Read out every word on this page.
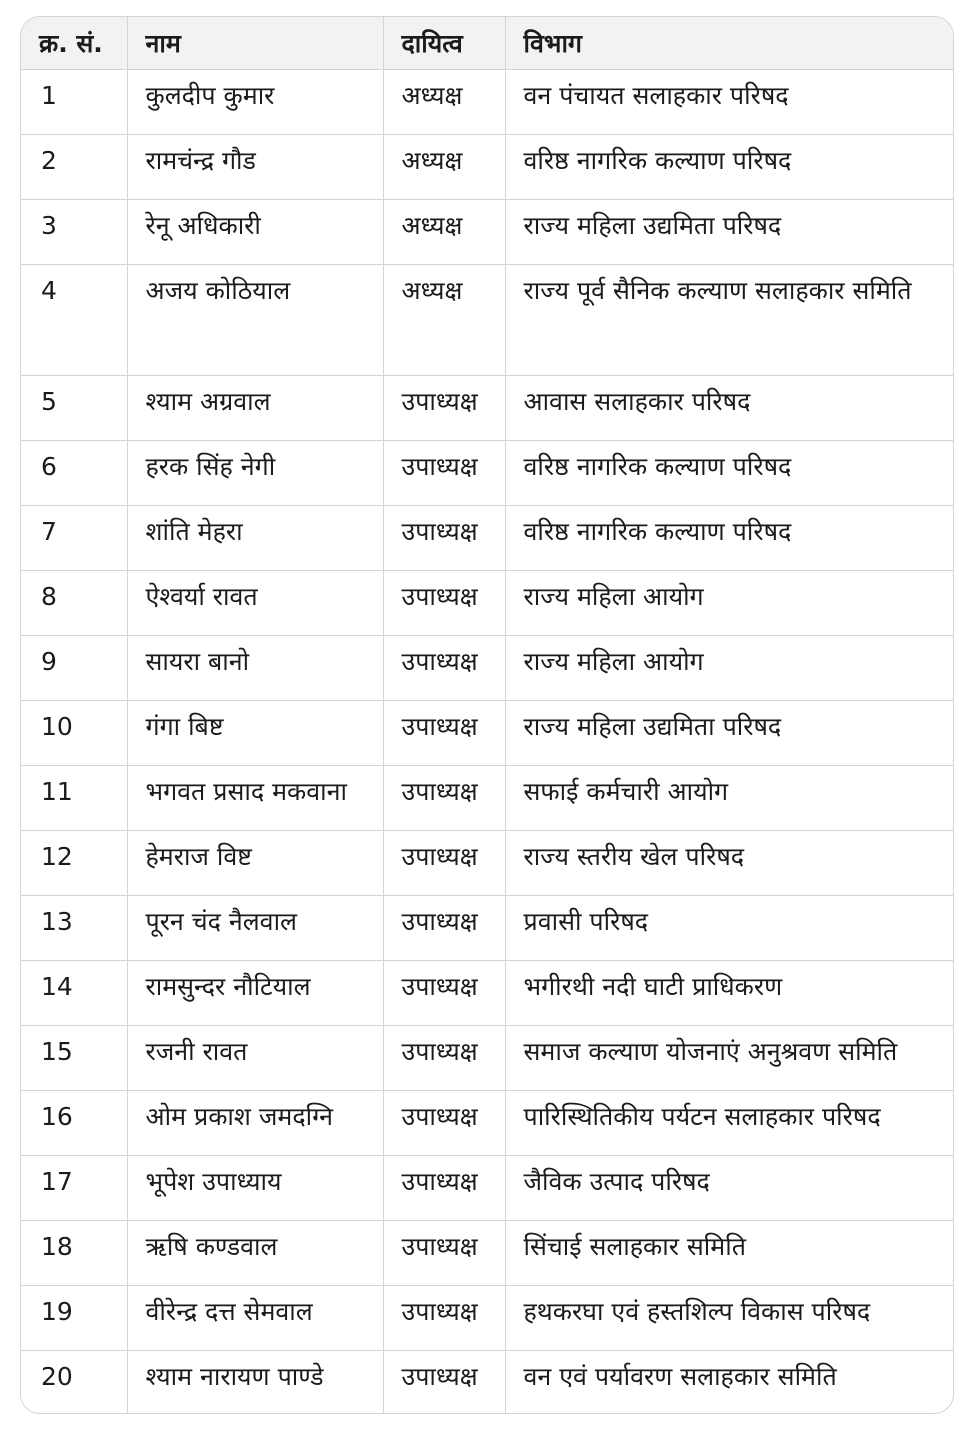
क्र. सं.	नाम	दायित्व	विभाग

1	कुलदीप कुमार	अध्यक्ष	वन पंचायत सलाहकार परिषद

2	रामचंन्द्र गौड	अध्यक्ष	वरिष्ठ नागरिक कल्याण परिषद

3	रेनू अधिकारी	अध्यक्ष	राज्य महिला उद्यमिता परिषद

4	अजय कोठियाल	अध्यक्ष	राज्य पूर्व सैनिक कल्याण सलाहकार समिति

5	श्याम अग्रवाल	उपाध्यक्ष	आवास सलाहकार परिषद

6	हरक सिंह नेगी	उपाध्यक्ष	वरिष्ठ नागरिक कल्याण परिषद

7	शांति मेहरा	उपाध्यक्ष	वरिष्ठ नागरिक कल्याण परिषद

8	ऐश्वर्या रावत	उपाध्यक्ष	राज्य महिला आयोग

9	सायरा बानो	उपाध्यक्ष	राज्य महिला आयोग

10	गंगा बिष्ट	उपाध्यक्ष	राज्य महिला उद्यमिता परिषद

11	भगवत प्रसाद मकवाना	उपाध्यक्ष	सफाई कर्मचारी आयोग

12	हेमराज विष्ट	उपाध्यक्ष	राज्य स्तरीय खेल परिषद

13	पूरन चंद नैलवाल	उपाध्यक्ष	प्रवासी परिषद

14	रामसुन्दर नौटियाल	उपाध्यक्ष	भगीरथी नदी घाटी प्राधिकरण

15	रजनी रावत	उपाध्यक्ष	समाज कल्याण योजनाएं अनुश्रवण समिति

16	ओम प्रकाश जमदग्नि	उपाध्यक्ष	पारिस्थितिकीय पर्यटन सलाहकार परिषद

17	भूपेश उपाध्याय	उपाध्यक्ष	जैविक उत्पाद परिषद

18	ऋषि कण्डवाल	उपाध्यक्ष	सिंचाई सलाहकार समिति

19	वीरेन्द्र दत्त सेमवाल	उपाध्यक्ष	हथकरघा एवं हस्तशिल्प विकास परिषद

20	श्याम नारायण पाण्डे	उपाध्यक्ष	वन एवं पर्यावरण सलाहकार समिति
